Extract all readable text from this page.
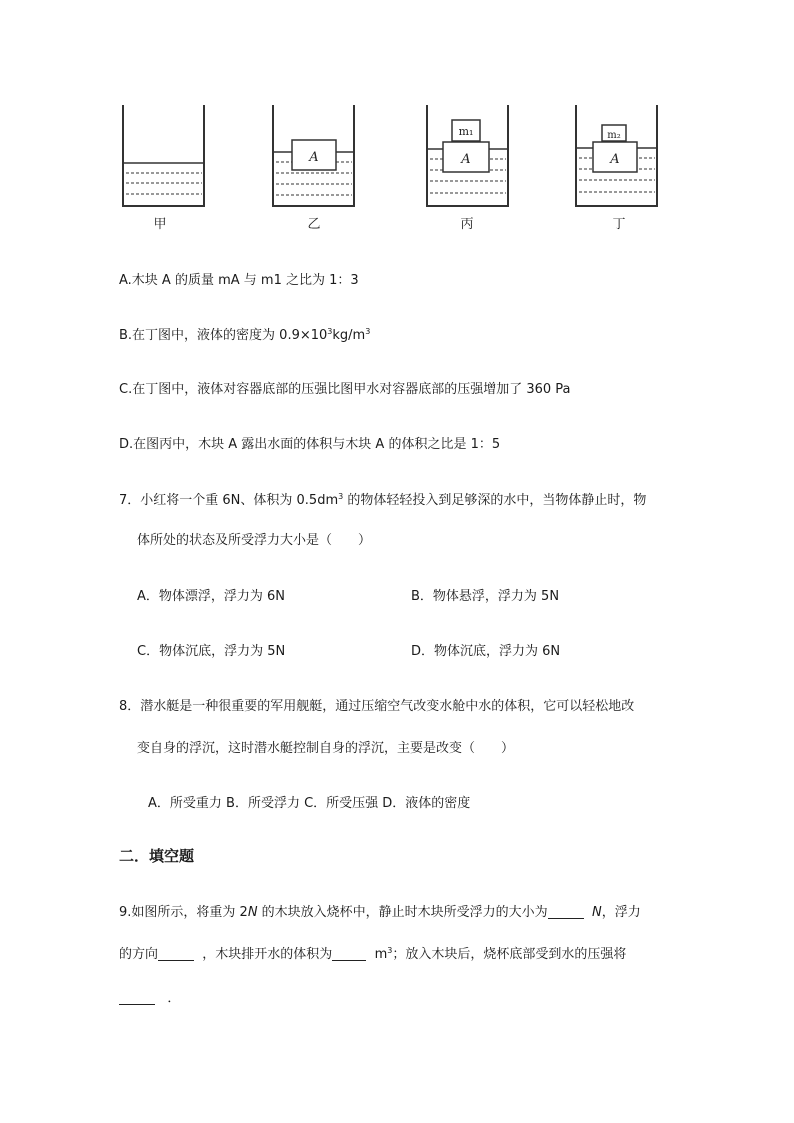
A	A	A
m₁	m₂
甲	乙	丙	丁
A.木块 A 的质量 mA 与 m1 之比为 1：3
B.在丁图中，液体的密度为 $0.9\times 10^3kg/m^3$
C.在丁图中，液体对容器底部的压强比图甲水对容器底部的压强增加了 360 Pa
D.在图丙中，木块 A 露出水面的体积与木块 A 的体积之比是 1：5
7．小红将一个重 6N、体积为 $0.5dm^3$ 的物体轻轻投入到足够深的水中，当物体静止时，物
体所处的状态及所受浮力大小是（　　）
A．物体漂浮，浮力为 6N	B．物体悬浮，浮力为 5N
C．物体沉底，浮力为 5N	D．物体沉底，浮力为 6N
8．潜水艇是一种很重要的军用舰艇，通过压缩空气改变水舱中水的体积，它可以轻松地改
变自身的浮沉，这时潜水艇控制自身的浮沉，主要是改变（　　）
A．所受重力 B．所受浮力 C．所受压强 D．液体的密度
二．填空题
9.如图所示，将重为 2N 的木块放入烧杯中，静止时木块所受浮力的大小为	N，浮力
的方向	，木块排开水的体积为	$m^3$；放入木块后，烧杯底部受到水的压强将
．
